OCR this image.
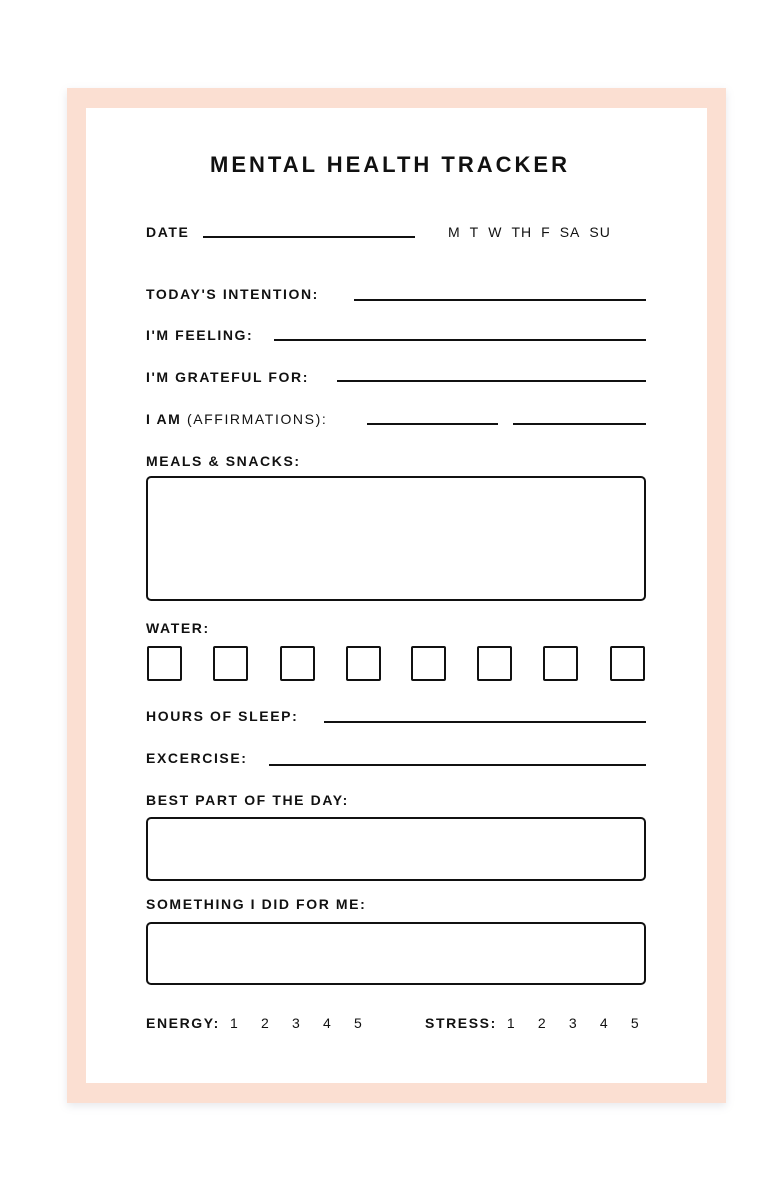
MENTAL HEALTH TRACKER
DATE	M T W TH F SA SU
TODAY'S INTENTION:
I'M FEELING:
I'M GRATEFUL FOR:
I AM (AFFIRMATIONS):
MEALS & SNACKS:
WATER:
HOURS OF SLEEP:
EXCERCISE:
BEST PART OF THE DAY:
SOMETHING I DID FOR ME:
ENERGY: 1 2 3 4 5	STRESS: 1 2 3 4 5
